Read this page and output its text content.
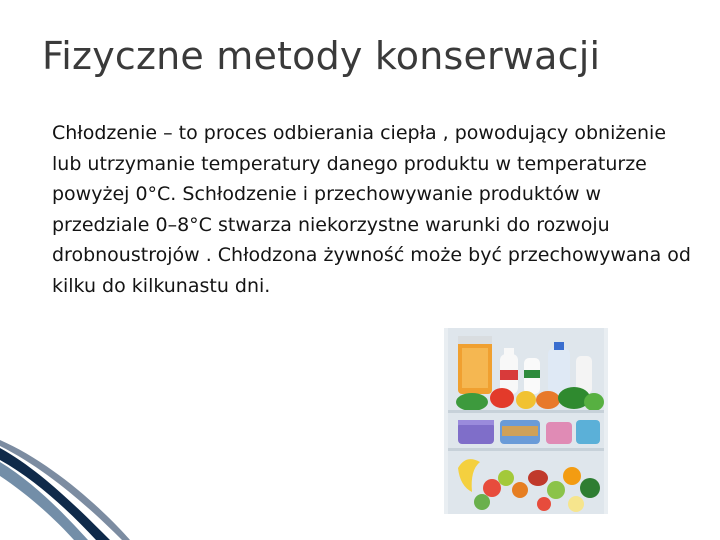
Fizyczne metody konserwacji
Chłodzenie – to proces odbierania ciepła , powodujący obniżenie lub utrzymanie temperatury danego produktu w temperaturze powyżej 0°C. Schłodzenie i przechowywanie produktów w przedziale 0–8°C stwarza niekorzystne warunki do rozwoju drobnoustrojów . Chłodzona żywność może być przechowywana od kilku do kilkunastu dni.
